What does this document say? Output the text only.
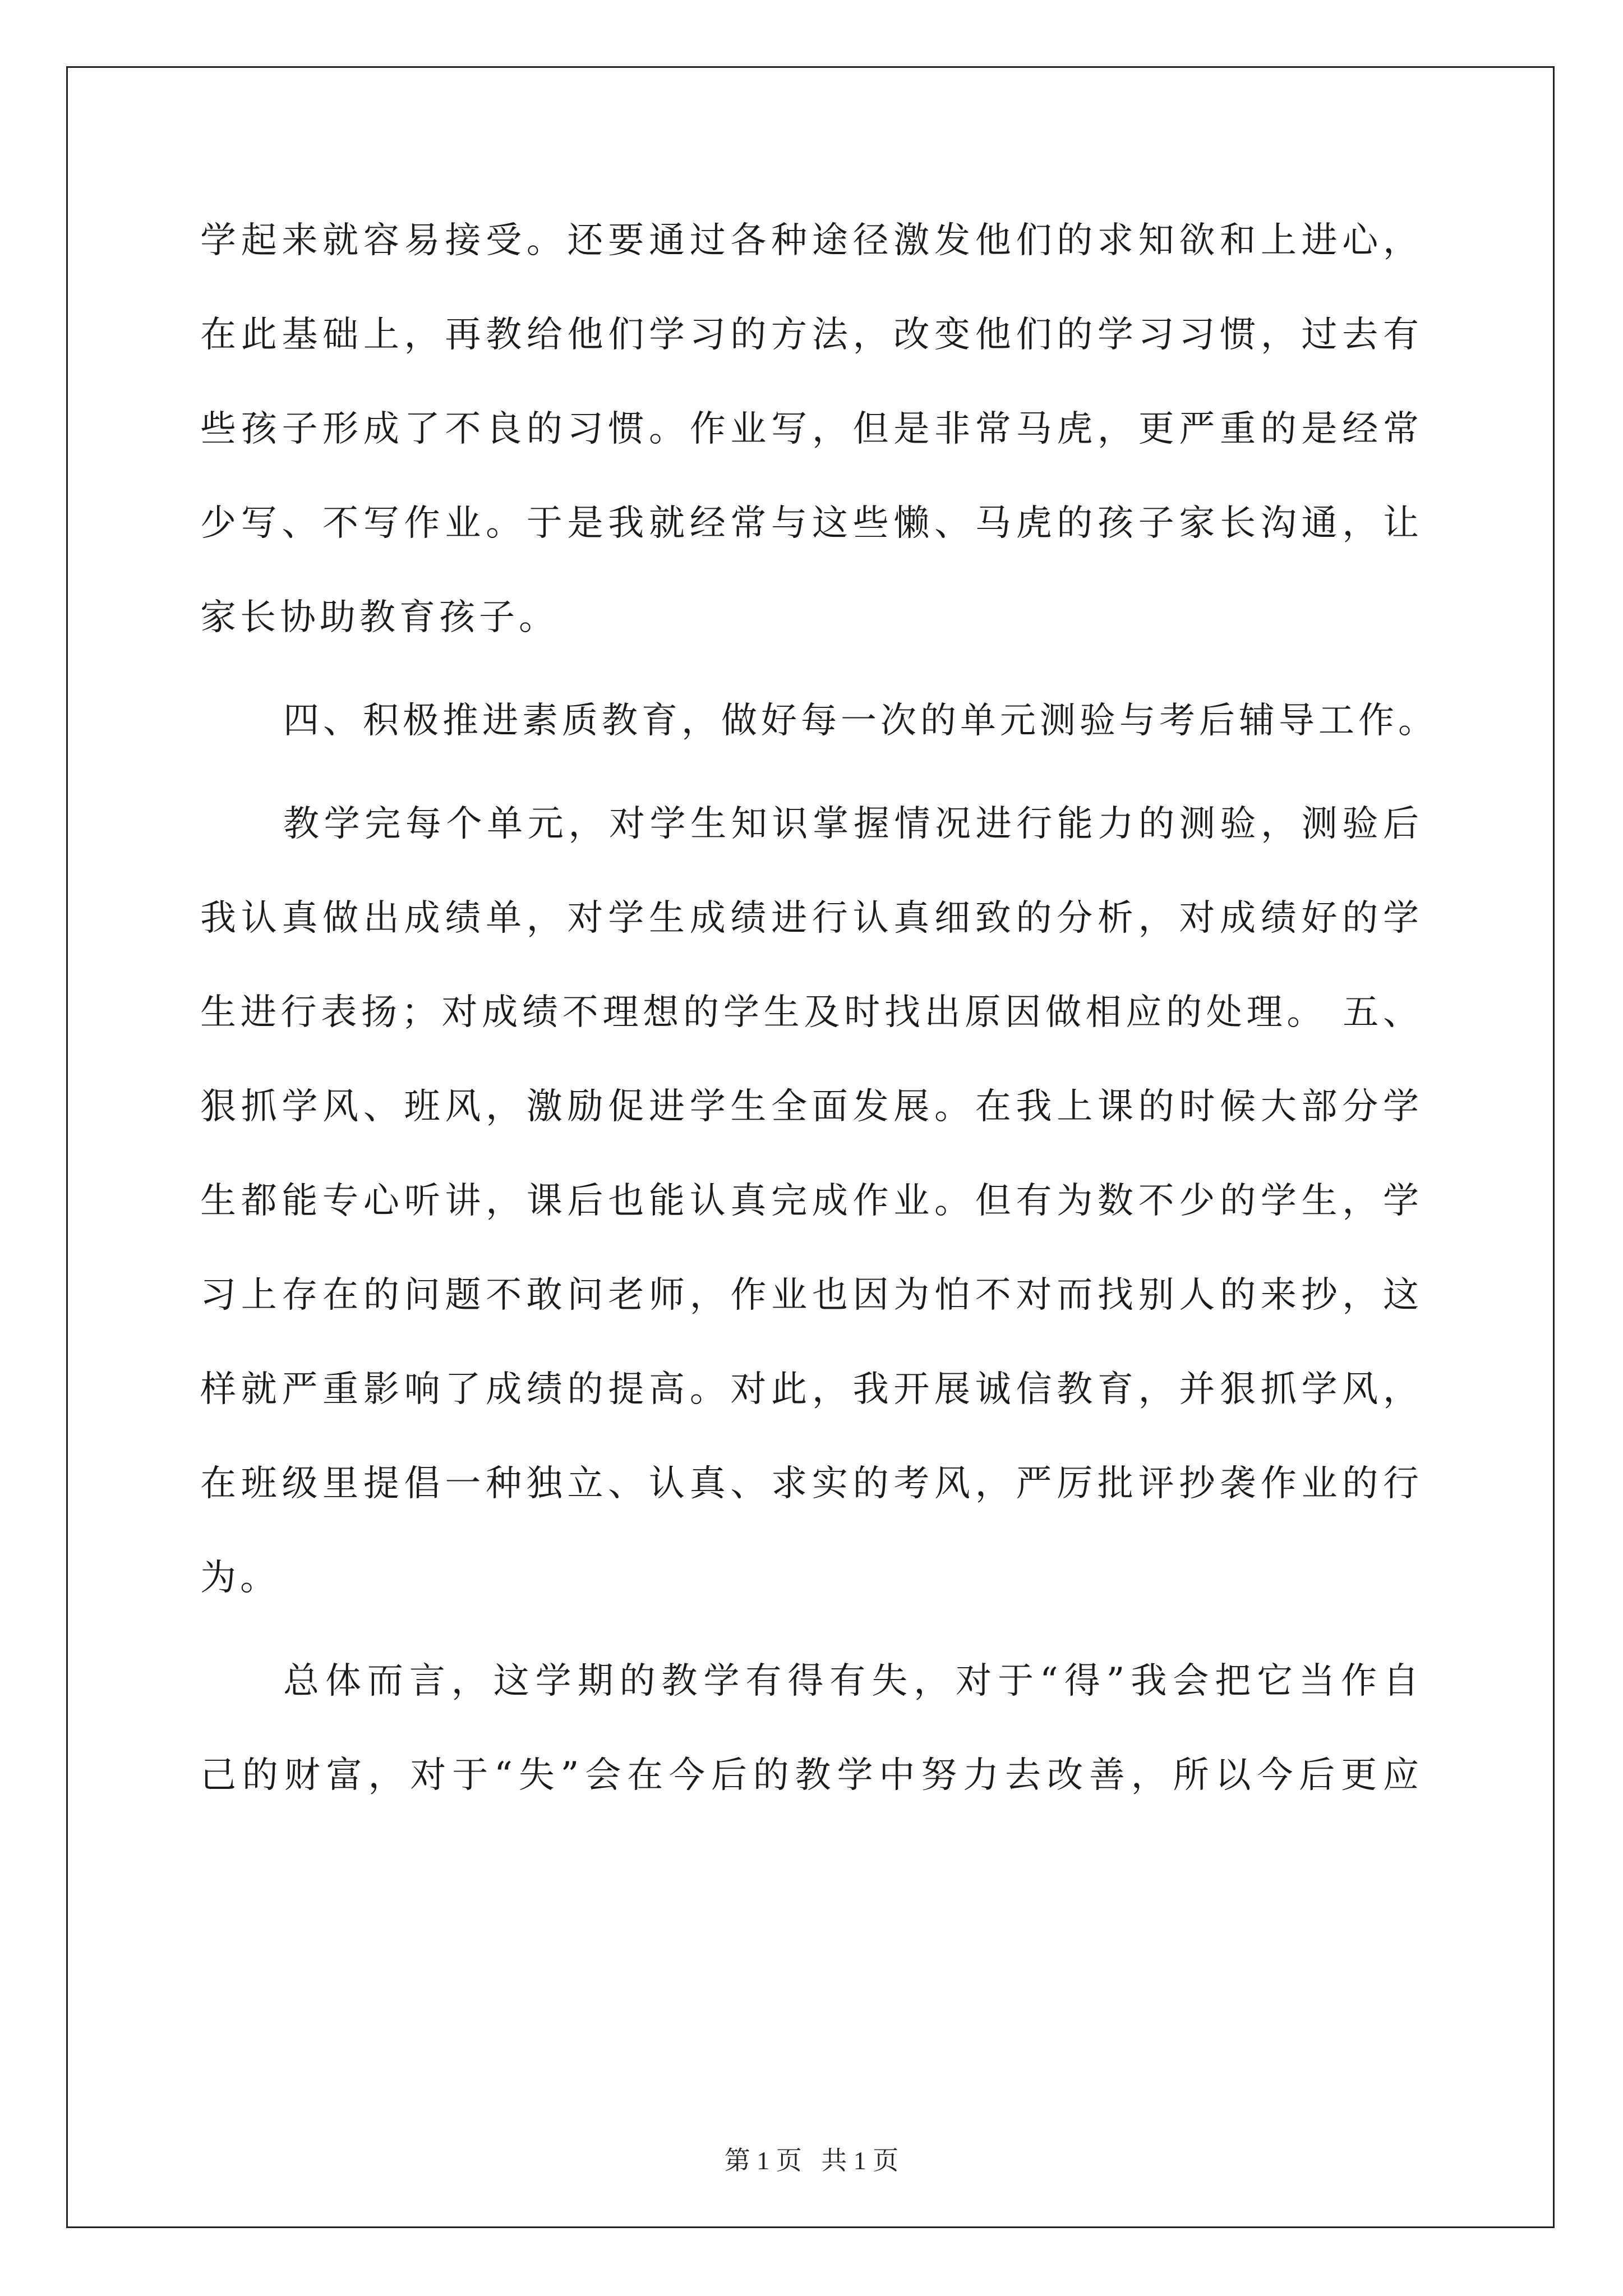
学起来就容易接受。还要通过各种途径激发他们的求知欲和上进心，
在此基础上，再教给他们学习的方法，改变他们的学习习惯，过去有
些孩子形成了不良的习惯。作业写，但是非常马虎，更严重的是经常
少写、不写作业。于是我就经常与这些懒、马虎的孩子家长沟通，让
家长协助教育孩子。
四、积极推进素质教育，做好每一次的单元测验与考后辅导工作。
教学完每个单元，对学生知识掌握情况进行能力的测验，测验后
我认真做出成绩单，对学生成绩进行认真细致的分析，对成绩好的学
生进行表扬；对成绩不理想的学生及时找出原因做相应的处理。 五、
狠抓学风、班风，激励促进学生全面发展。在我上课的时候大部分学
生都能专心听讲，课后也能认真完成作业。但有为数不少的学生，学
习上存在的问题不敢问老师，作业也因为怕不对而找别人的来抄，这
样就严重影响了成绩的提高。对此，我开展诚信教育，并狠抓学风，
在班级里提倡一种独立、认真、求实的考风，严厉批评抄袭作业的行
为。
总体而言，这学期的教学有得有失，对于“得”我会把它当作自
己的财富，对于“失”会在今后的教学中努力去改善，所以今后更应
第 1 页   共 1 页
